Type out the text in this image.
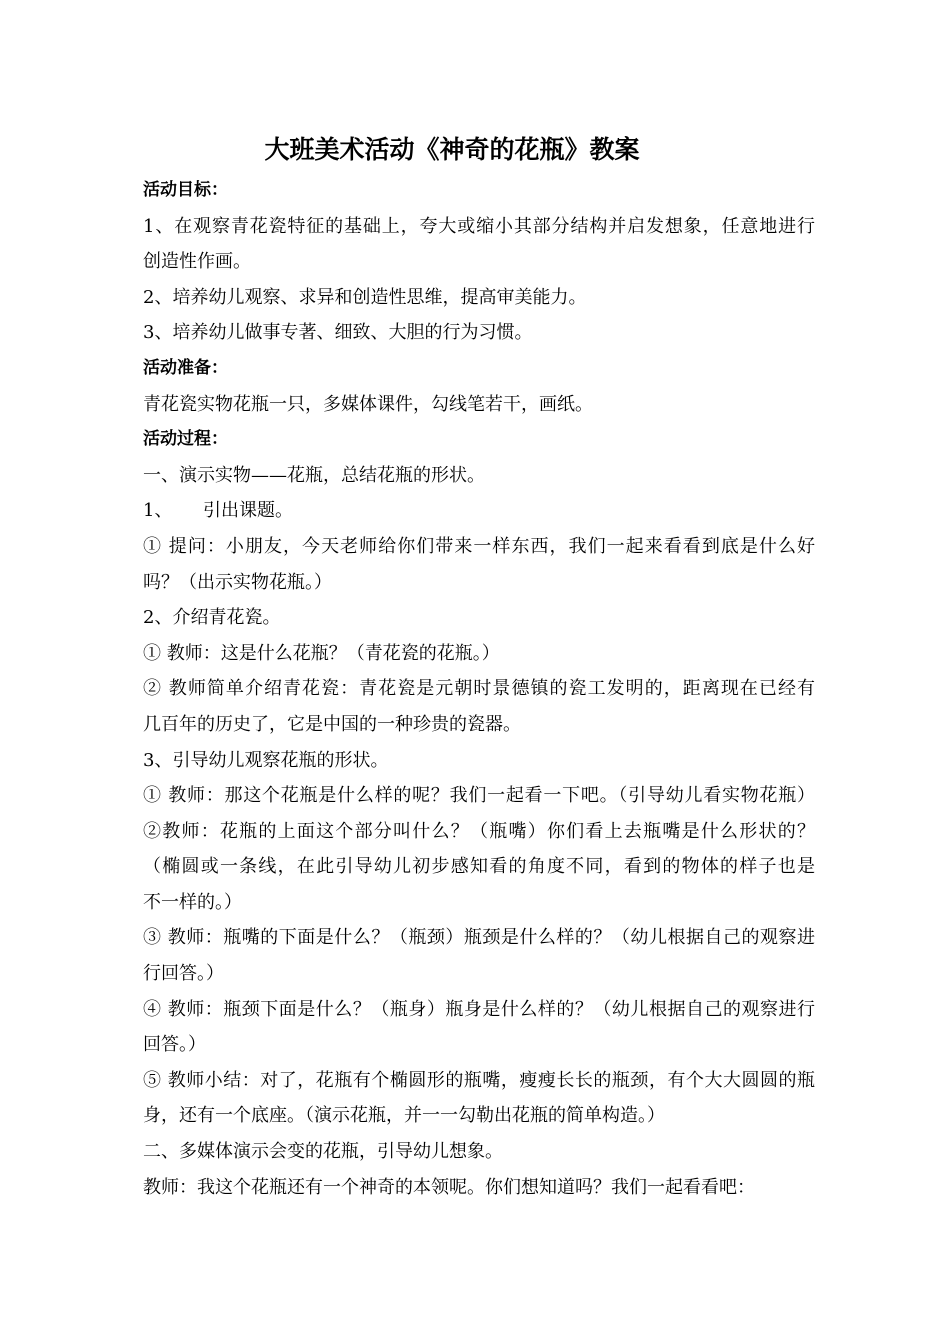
大班美术活动《神奇的花瓶》教案
活动目标：
1、在观察青花瓷特征的基础上，夸大或缩小其部分结构并启发想象，任意地进行
创造性作画。
2、培养幼儿观察、求异和创造性思维，提高审美能力。
3、培养幼儿做事专著、细致、大胆的行为习惯。
活动准备：
青花瓷实物花瓶一只，多媒体课件，勾线笔若干，画纸。
活动过程：
一、演示实物——花瓶，总结花瓶的形状。
1、 引出课题。
① 提问：小朋友，今天老师给你们带来一样东西，我们一起来看看到底是什么好
吗？（出示实物花瓶。）
2、介绍青花瓷。
① 教师：这是什么花瓶？（青花瓷的花瓶。）
② 教师简单介绍青花瓷：青花瓷是元朝时景德镇的瓷工发明的，距离现在已经有
几百年的历史了，它是中国的一种珍贵的瓷器。
3、引导幼儿观察花瓶的形状。
① 教师：那这个花瓶是什么样的呢？我们一起看一下吧。（引导幼儿看实物花瓶）
②教师：花瓶的上面这个部分叫什么？（瓶嘴）你们看上去瓶嘴是什么形状的？
（椭圆或一条线，在此引导幼儿初步感知看的角度不同，看到的物体的样子也是
不一样的。）
③ 教师：瓶嘴的下面是什么？（瓶颈）瓶颈是什么样的？（幼儿根据自己的观察进
行回答。）
④ 教师：瓶颈下面是什么？（瓶身）瓶身是什么样的？（幼儿根据自己的观察进行
回答。）
⑤ 教师小结：对了，花瓶有个椭圆形的瓶嘴，瘦瘦长长的瓶颈，有个大大圆圆的瓶
身，还有一个底座。（演示花瓶，并一一勾勒出花瓶的简单构造。）
二、多媒体演示会变的花瓶，引导幼儿想象。
教师：我这个花瓶还有一个神奇的本领呢。你们想知道吗？我们一起看看吧：
